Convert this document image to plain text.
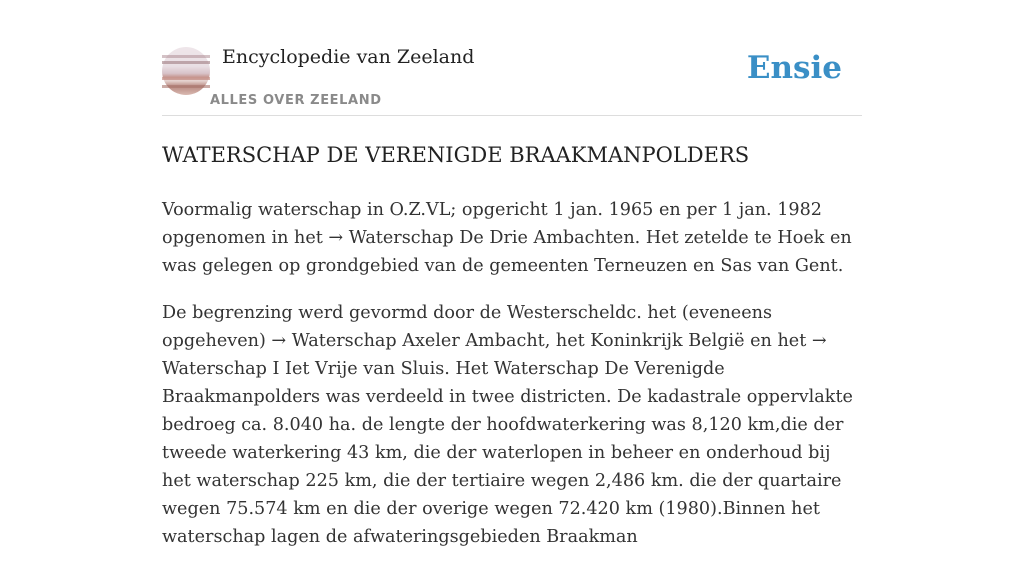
Encyclopedie van Zeeland
ALLES OVER ZEELAND
Ensie
WATERSCHAP DE VERENIGDE BRAAKMANPOLDERS

Voormalig waterschap in O.Z.VL; opgericht 1 jan. 1965 en per 1 jan. 1982 opgenomen in het → Waterschap De Drie Ambachten. Het zetelde te Hoek en was gelegen op grondgebied van de gemeenten Terneuzen en Sas van Gent.

De begrenzing werd gevormd door de Westerscheldc. het (eveneens opgeheven) → Waterschap Axeler Ambacht, het Koninkrijk België en het → Waterschap I Iet Vrije van Sluis. Het Waterschap De Verenigde Braakmanpolders was verdeeld in twee districten. De kadastrale oppervlakte bedroeg ca. 8.040 ha. de lengte der hoofdwaterkering was 8,120 km,die der tweede waterkering 43 km, die der waterlopen in beheer en onderhoud bij het waterschap 225 km, die der tertiaire wegen 2,486 km. die der quartaire wegen 75.574 km en die der overige wegen 72.420 km (1980).Binnen het waterschap lagen de afwateringsgebieden Braakman
